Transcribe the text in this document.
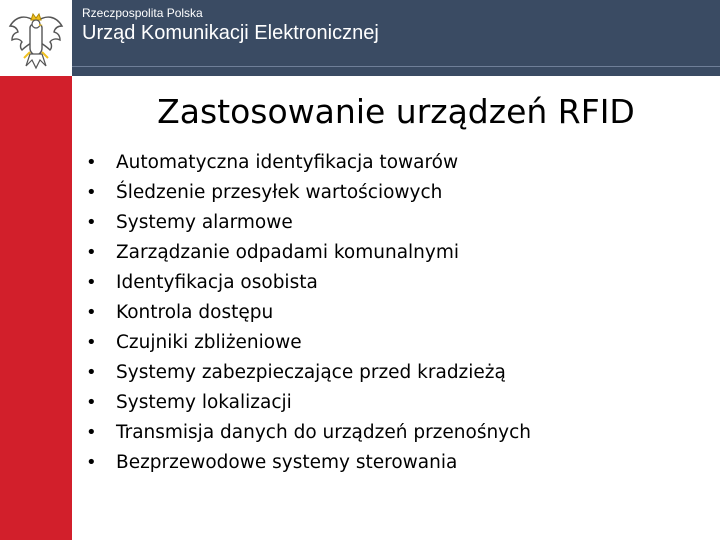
Rzeczpospolita Polska
Urząd Komunikacji Elektronicznej
Zastosowanie urządzeń RFID
• Automatyczna identyfikacja towarów
• Śledzenie przesyłek wartościowych
• Systemy alarmowe
• Zarządzanie odpadami komunalnymi
• Identyfikacja osobista
• Kontrola dostępu
• Czujniki zbliżeniowe
• Systemy zabezpieczające przed kradzieżą
• Systemy lokalizacji
• Transmisja danych do urządzeń przenośnych
• Bezprzewodowe systemy sterowania
